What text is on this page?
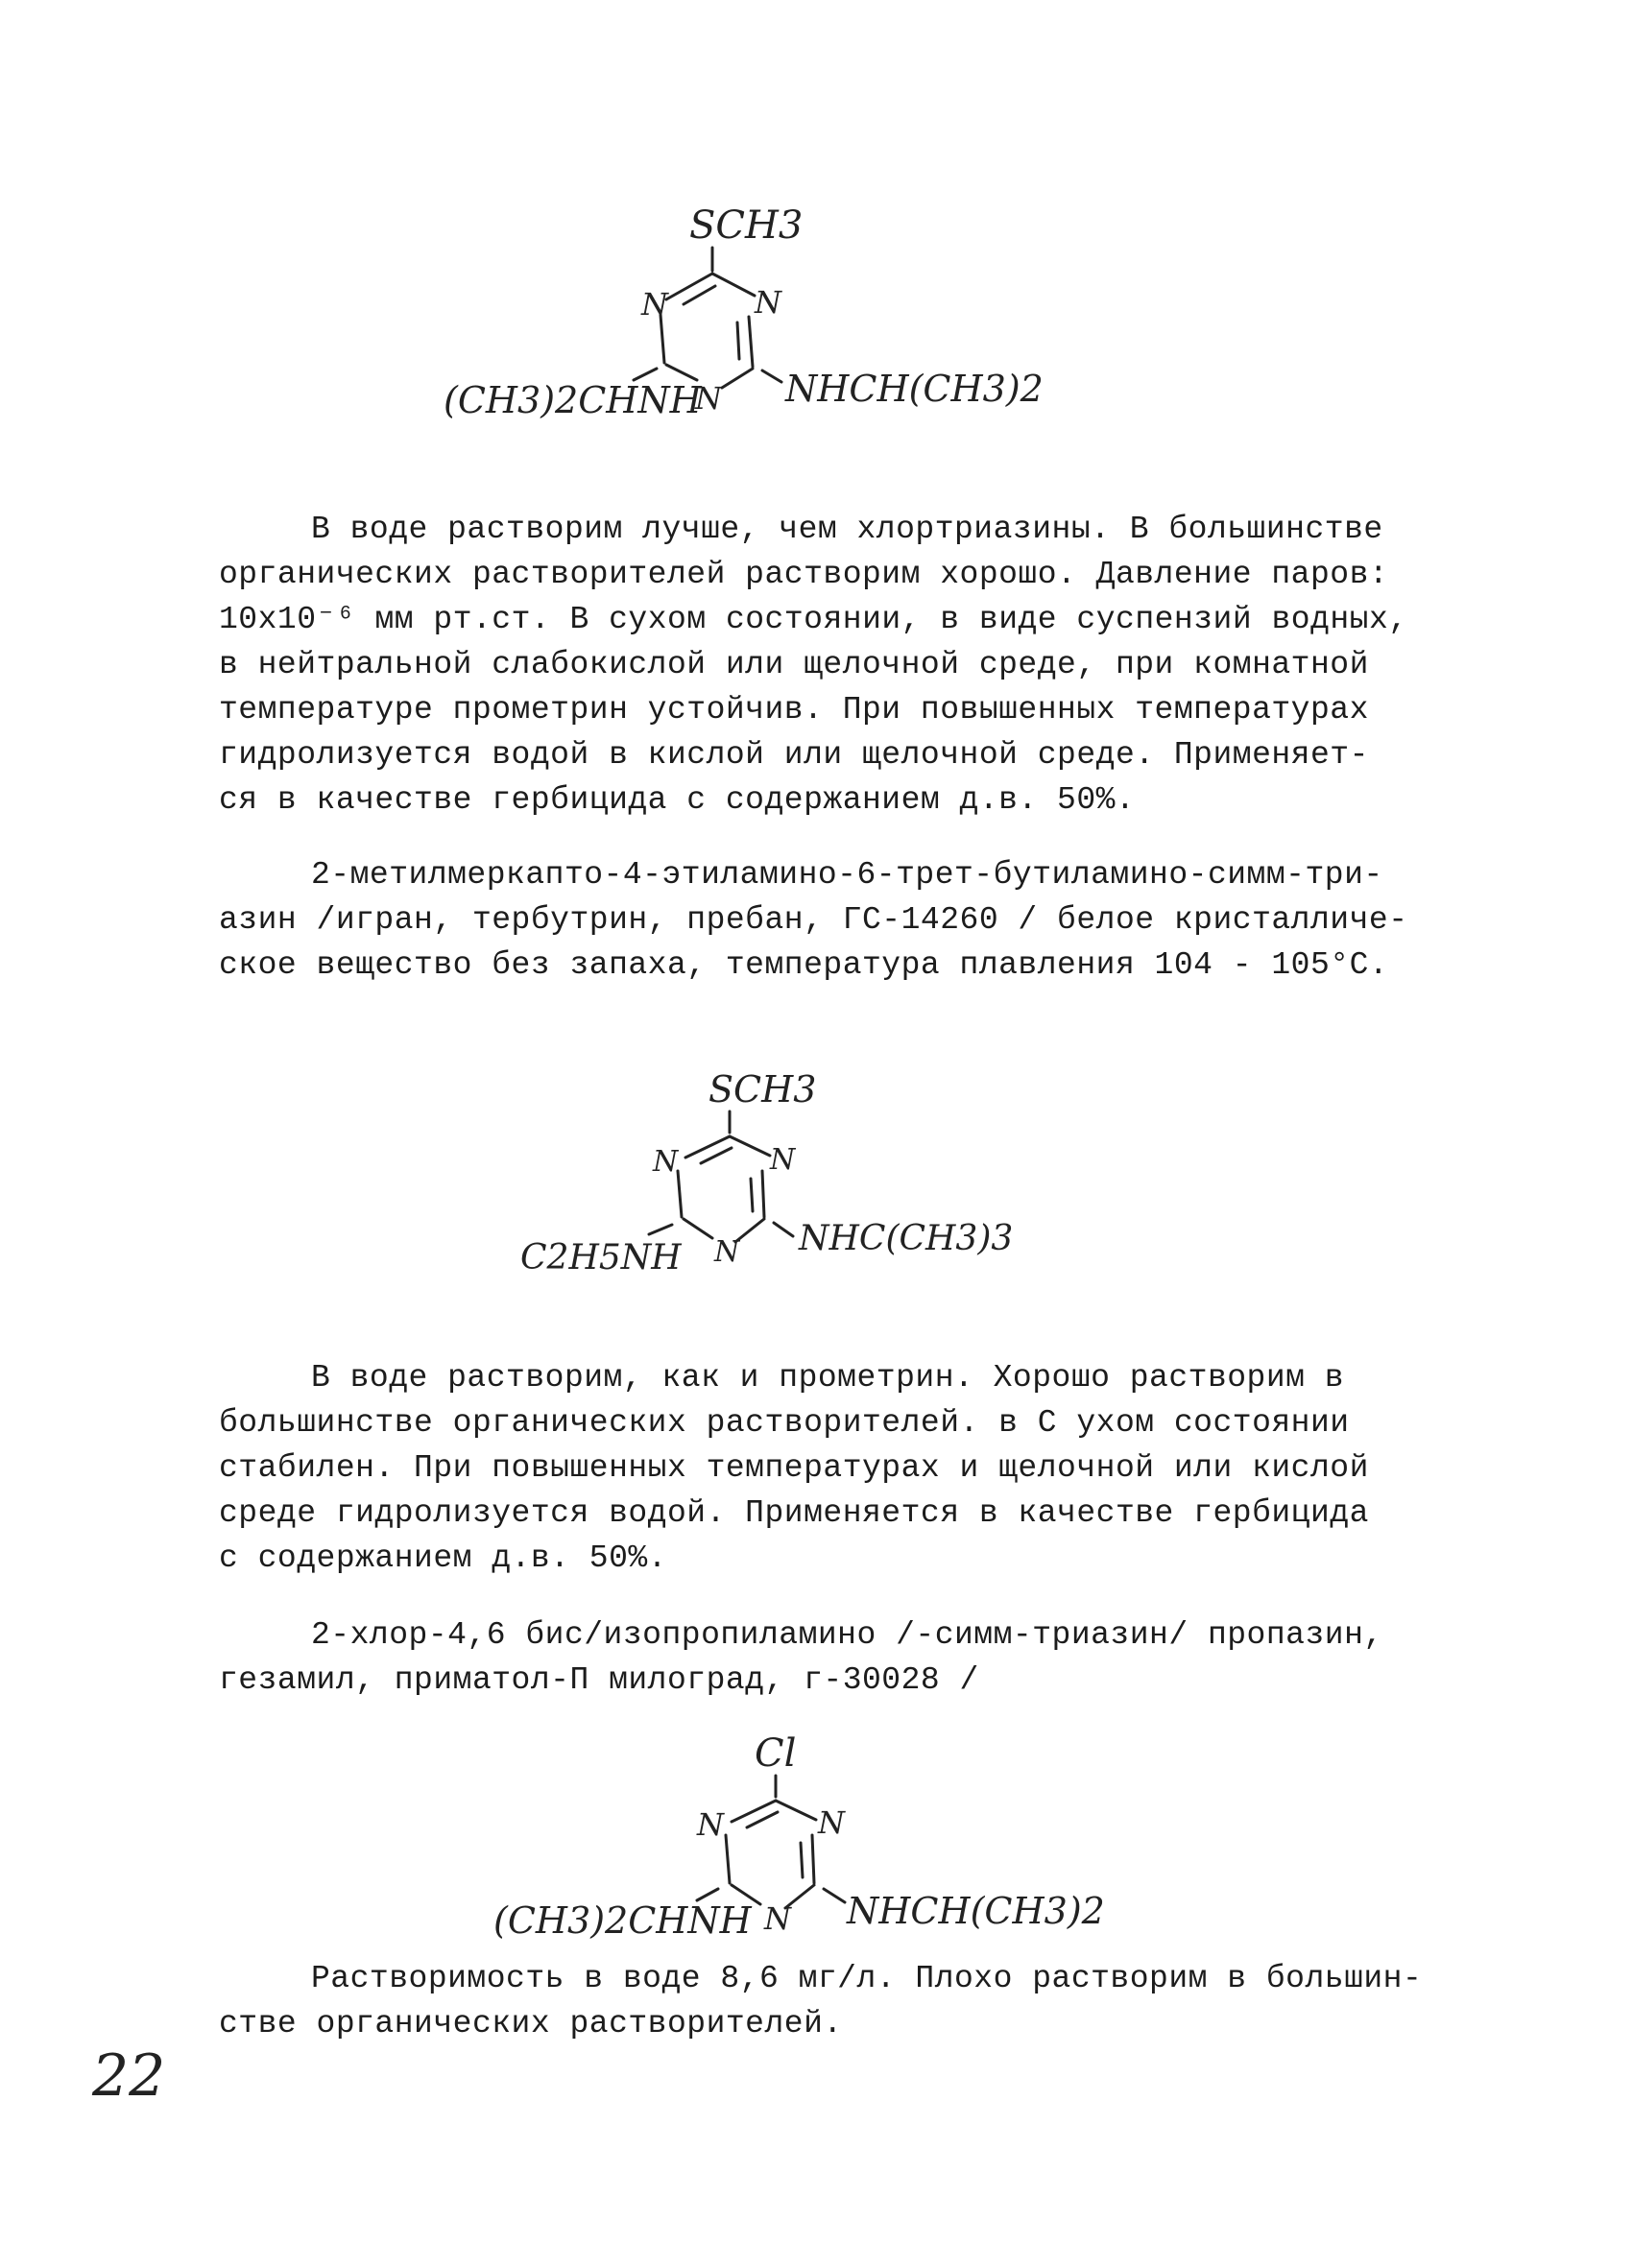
SCH3
N	N
N
(CH3)2CHNH NHCH(CH3)2
SCH3
N	N
N
C2H5NH	NHC(CH3)3
Cl
N	N
N
(CH3)2CHNH	NHCH(CH3)2
В воде растворим лучше, чем хлортриазины. В большинстве
органических растворителей растворим хорошо. Давление паров:
10х10⁻⁶ мм рт.ст. В сухом состоянии, в виде суспензий водных,
в нейтральной слабокислой или щелочной среде, при комнатной
температуре прометрин устойчив. При повышенных температурах
гидролизуется водой в кислой или щелочной среде. Применяет-
ся в качестве гербицида с содержанием д.в. 50%.
2-метилмеркапто-4-этиламино-6-трет-бутиламино-симм-три-
азин /игран, тербутрин, пребан, ГС-14260 / белое кристалличе-
ское вещество без запаха, температура плавления 104 - 105°С.
В воде растворим, как и прометрин. Хорошо растворим в
большинстве органических растворителей. в С ухом состоянии
стабилен. При повышенных температурах и щелочной или кислой
среде гидролизуется водой. Применяется в качестве гербицида
с содержанием д.в. 50%.
2-хлор-4,6 бис/изопропиламино /-симм-триазин/ пропазин,
гезамил, приматол-П милоград, г-30028 /
Растворимость в воде 8,6 мг/л. Плохо растворим в большин-
стве органических растворителей.
22
